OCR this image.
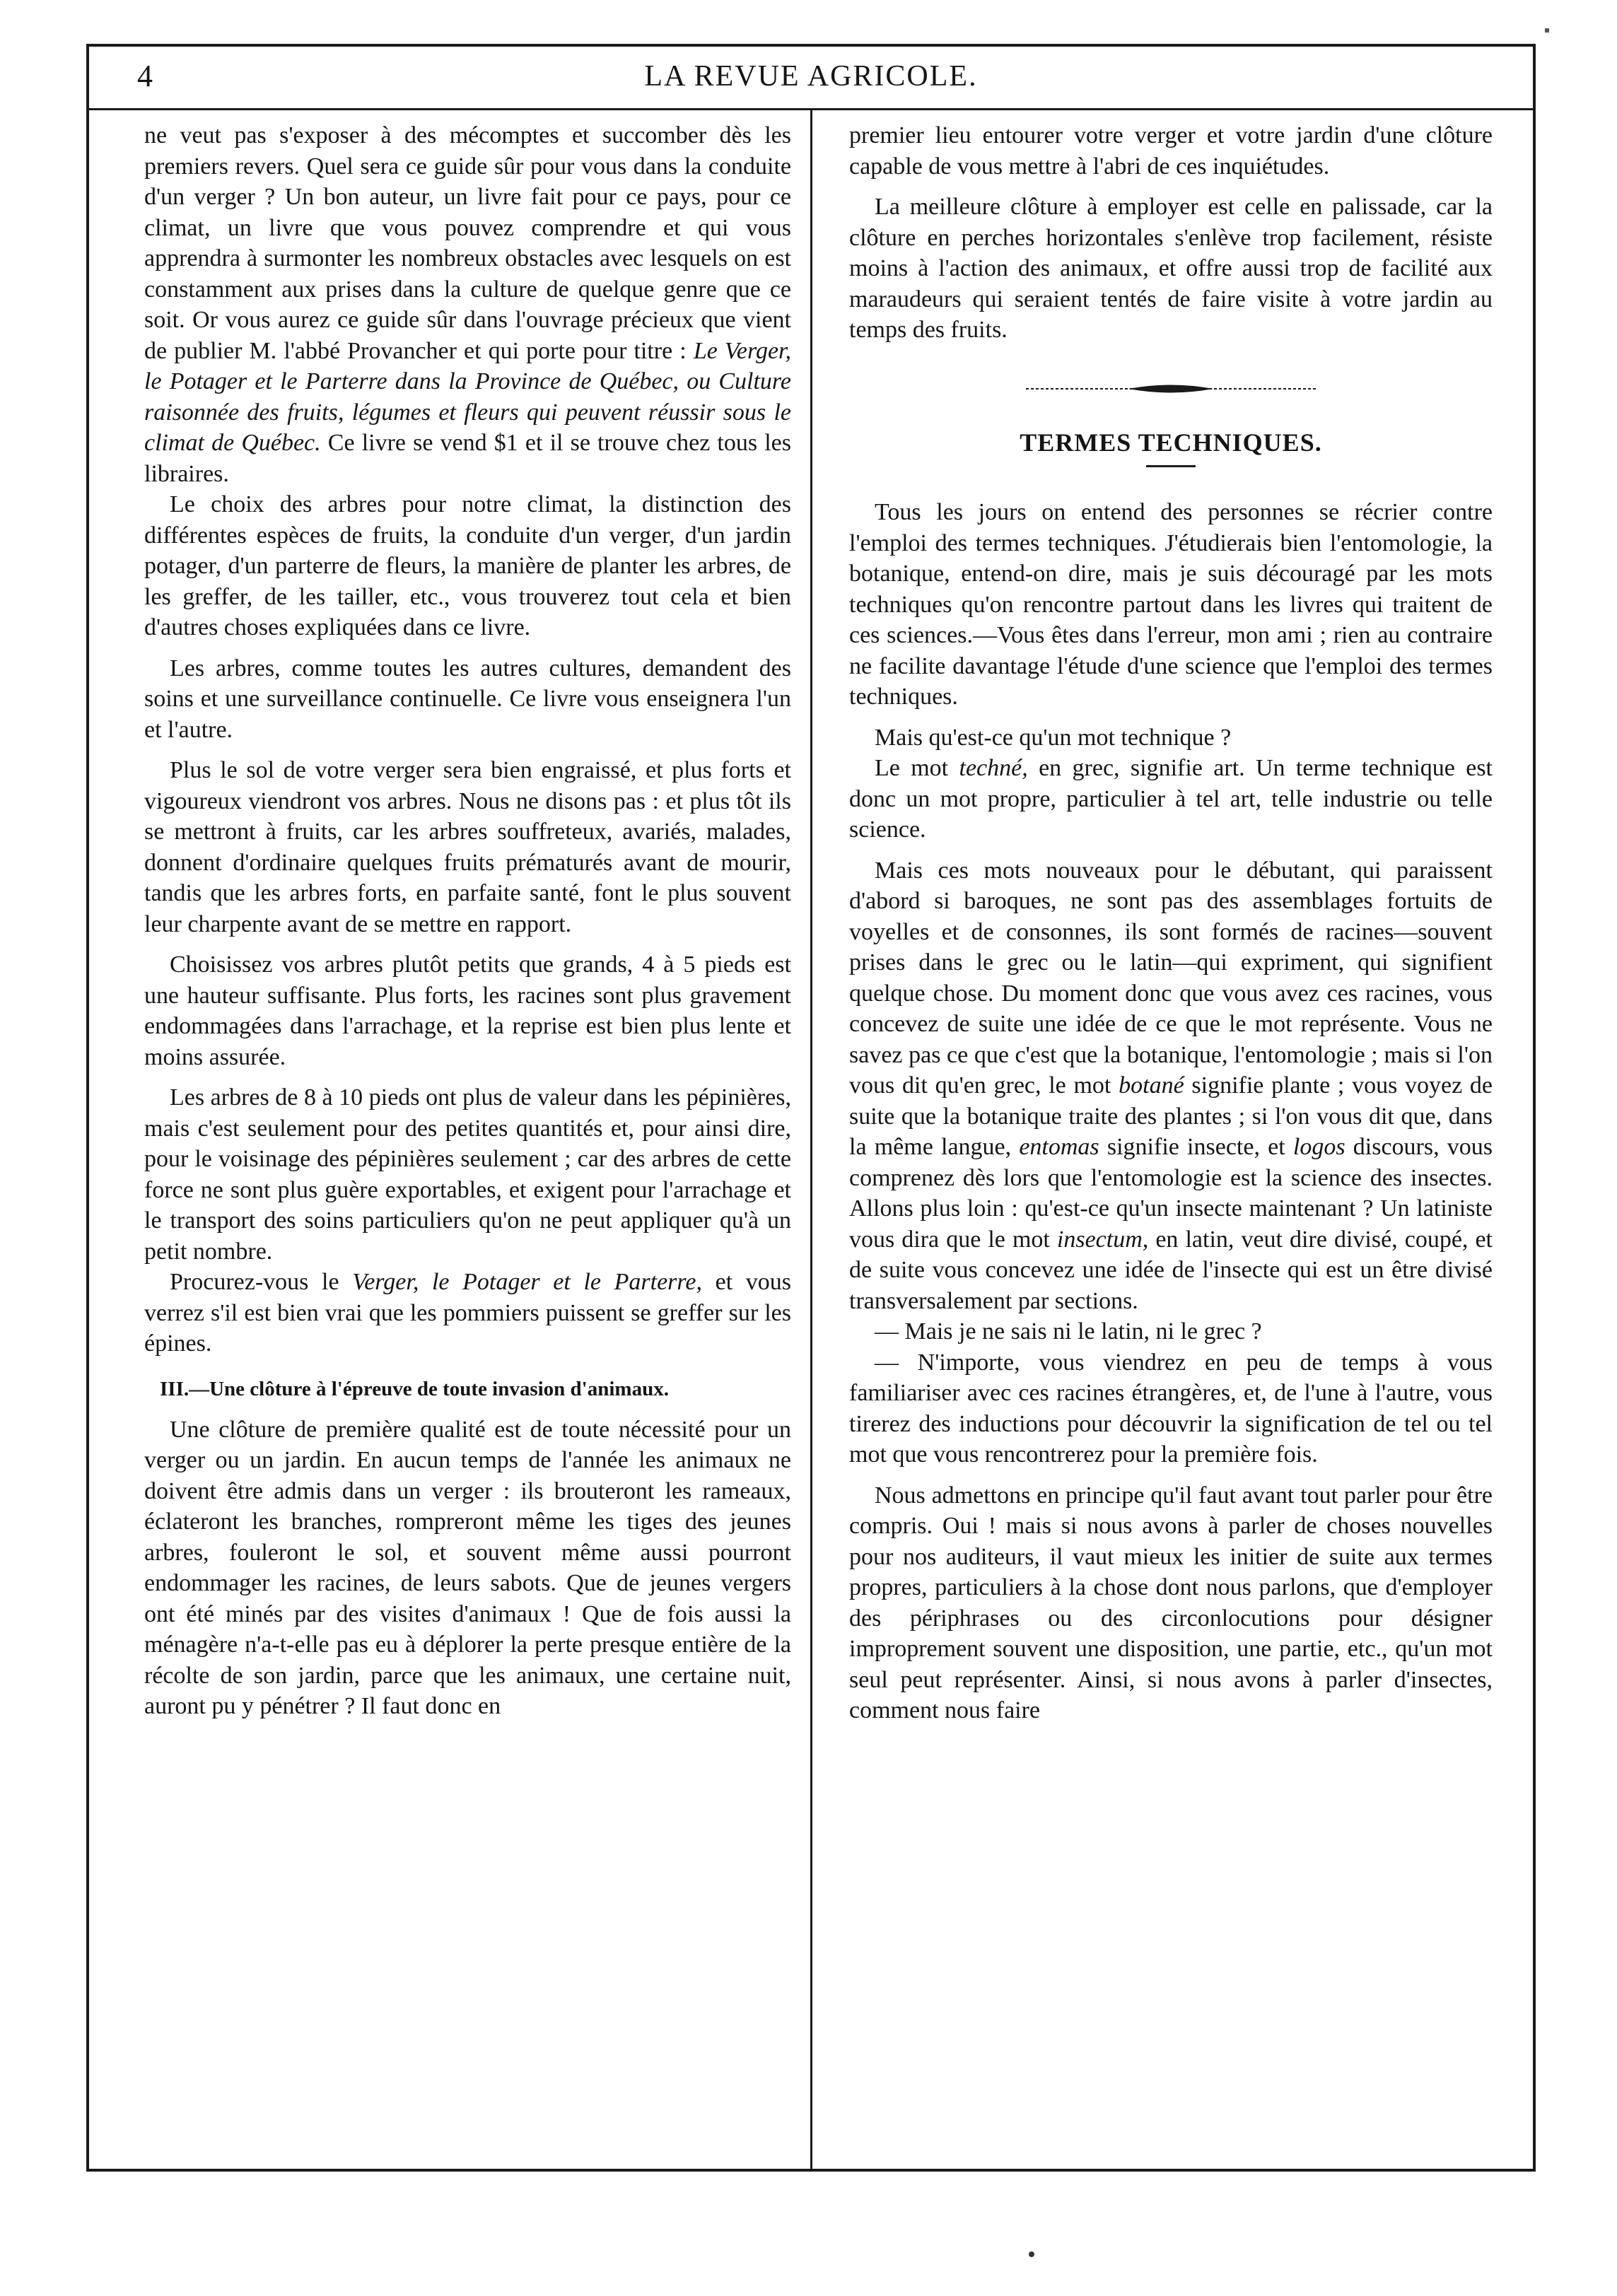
4	LA REVUE AGRICOLE.

ne veut pas s'exposer à des mécomptes et succomber dès les premiers revers. Quel sera ce guide sûr pour vous dans la conduite d'un verger ? Un bon auteur, un livre fait pour ce pays, pour ce climat, un livre que vous pouvez comprendre et qui vous apprendra à surmonter les nombreux obstacles avec lesquels on est constamment aux prises dans la culture de quelque genre que ce soit. Or vous aurez ce guide sûr dans l'ouvrage précieux que vient de publier M. l'abbé Provancher et qui porte pour titre : Le Verger, le Potager et le Parterre dans la Province de Québec, ou Culture raisonnée des fruits, légumes et fleurs qui peuvent réussir sous le climat de Québec. Ce livre se vend $1 et il se trouve chez tous les libraires.

Le choix des arbres pour notre climat, la distinction des différentes espèces de fruits, la conduite d'un verger, d'un jardin potager, d'un parterre de fleurs, la manière de planter les arbres, de les greffer, de les tailler, etc., vous trouverez tout cela et bien d'autres choses expliquées dans ce livre.

Les arbres, comme toutes les autres cultures, demandent des soins et une surveillance continuelle. Ce livre vous enseignera l'un et l'autre.

Plus le sol de votre verger sera bien engraissé, et plus forts et vigoureux viendront vos arbres. Nous ne disons pas : et plus tôt ils se mettront à fruits, car les arbres souffreteux, avariés, malades, donnent d'ordinaire quelques fruits prématurés avant de mourir, tandis que les arbres forts, en parfaite santé, font le plus souvent leur charpente avant de se mettre en rapport.

Choisissez vos arbres plutôt petits que grands, 4 à 5 pieds est une hauteur suffisante. Plus forts, les racines sont plus gravement endommagées dans l'arrachage, et la reprise est bien plus lente et moins assurée.

Les arbres de 8 à 10 pieds ont plus de valeur dans les pépinières, mais c'est seulement pour des petites quantités et, pour ainsi dire, pour le voisinage des pépinières seulement ; car des arbres de cette force ne sont plus guère exportables, et exigent pour l'arrachage et le transport des soins particuliers qu'on ne peut appliquer qu'à un petit nombre.

Procurez-vous le Verger, le Potager et le Parterre, et vous verrez s'il est bien vrai que les pommiers puissent se greffer sur les épines.

III.—Une clôture à l'épreuve de toute invasion d'animaux.

Une clôture de première qualité est de toute nécessité pour un verger ou un jardin. En aucun temps de l'année les animaux ne doivent être admis dans un verger : ils brouteront les rameaux, éclateront les branches, rompreront même les tiges des jeunes arbres, fouleront le sol, et souvent même aussi pourront endommager les racines, de leurs sabots. Que de jeunes vergers ont été minés par des visites d'animaux ! Que de fois aussi la ménagère n'a-t-elle pas eu à déplorer la perte presque entière de la récolte de son jardin, parce que les animaux, une certaine nuit, auront pu y pénétrer ? Il faut donc en

premier lieu entourer votre verger et votre jardin d'une clôture capable de vous mettre à l'abri de ces inquiétudes.

La meilleure clôture à employer est celle en palissade, car la clôture en perches horizontales s'enlève trop facilement, résiste moins à l'action des animaux, et offre aussi trop de facilité aux maraudeurs qui seraient tentés de faire visite à votre jardin au temps des fruits.

TERMES TECHNIQUES.

Tous les jours on entend des personnes se récrier contre l'emploi des termes techniques. J'étudierais bien l'entomologie, la botanique, entend-on dire, mais je suis découragé par les mots techniques qu'on rencontre partout dans les livres qui traitent de ces sciences.—Vous êtes dans l'erreur, mon ami ; rien au contraire ne facilite davantage l'étude d'une science que l'emploi des termes techniques.

Mais qu'est-ce qu'un mot technique ?

Le mot techné, en grec, signifie art. Un terme technique est donc un mot propre, particulier à tel art, telle industrie ou telle science.

Mais ces mots nouveaux pour le débutant, qui paraissent d'abord si baroques, ne sont pas des assemblages fortuits de voyelles et de consonnes, ils sont formés de racines—souvent prises dans le grec ou le latin—qui expriment, qui signifient quelque chose. Du moment donc que vous avez ces racines, vous concevez de suite une idée de ce que le mot représente. Vous ne savez pas ce que c'est que la botanique, l'entomologie ; mais si l'on vous dit qu'en grec, le mot botané signifie plante ; vous voyez de suite que la botanique traite des plantes ; si l'on vous dit que, dans la même langue, entomas signifie insecte, et logos discours, vous comprenez dès lors que l'entomologie est la science des insectes. Allons plus loin : qu'est-ce qu'un insecte maintenant ? Un latiniste vous dira que le mot insectum, en latin, veut dire divisé, coupé, et de suite vous concevez une idée de l'insecte qui est un être divisé transversalement par sections.

— Mais je ne sais ni le latin, ni le grec ?

— N'importe, vous viendrez en peu de temps à vous familiariser avec ces racines étrangères, et, de l'une à l'autre, vous tirerez des inductions pour découvrir la signification de tel ou tel mot que vous rencontrerez pour la première fois.

Nous admettons en principe qu'il faut avant tout parler pour être compris. Oui ! mais si nous avons à parler de choses nouvelles pour nos auditeurs, il vaut mieux les initier de suite aux termes propres, particuliers à la chose dont nous parlons, que d'employer des périphrases ou des circonlocutions pour désigner improprement souvent une disposition, une partie, etc., qu'un mot seul peut représenter. Ainsi, si nous avons à parler d'insectes, comment nous faire
